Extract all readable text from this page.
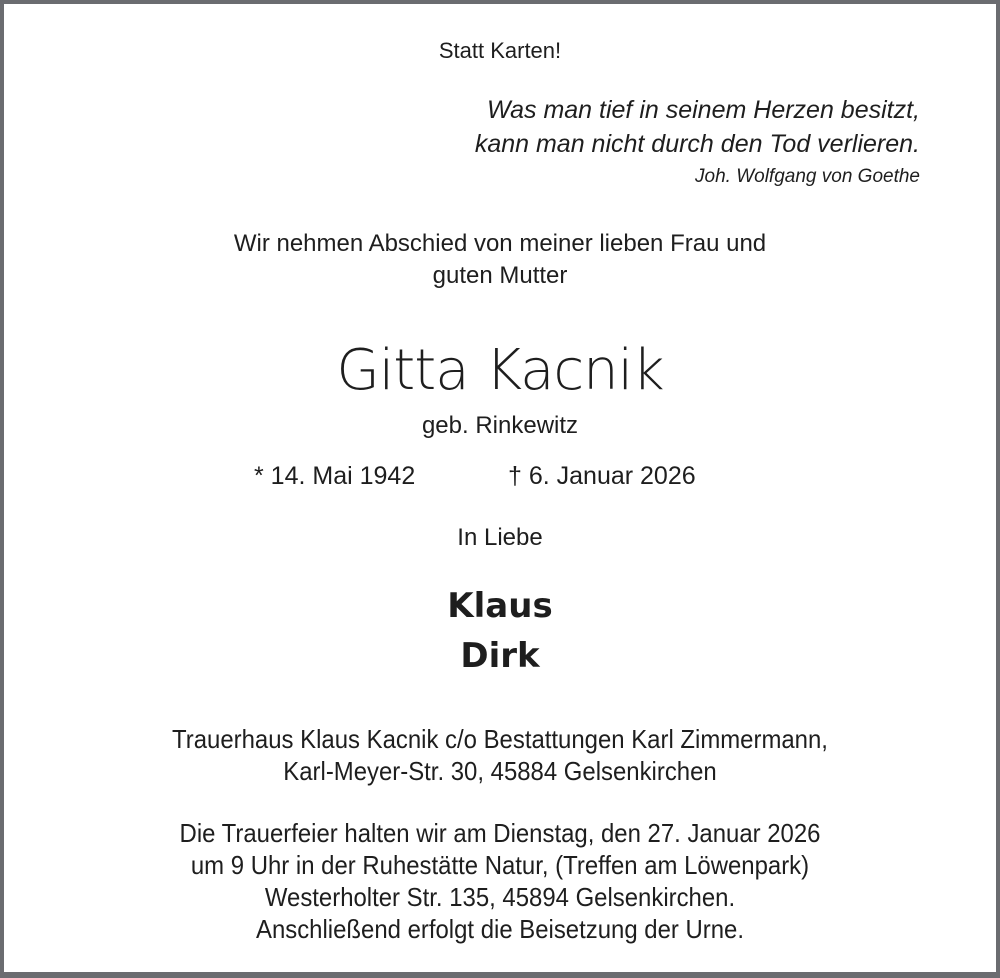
Statt Karten!
Was man tief in seinem Herzen besitzt,
kann man nicht durch den Tod verlieren.
Joh. Wolfgang von Goethe
Wir nehmen Abschied von meiner lieben Frau und
guten Mutter
Gitta Kacnik
geb. Rinkewitz
* 14. Mai 1942	† 6. Januar 2026
In Liebe
Klaus
Dirk
Trauerhaus Klaus Kacnik c/o Bestattungen Karl Zimmermann,
Karl-Meyer-Str. 30, 45884 Gelsenkirchen
Die Trauerfeier halten wir am Dienstag, den 27. Januar 2026
um 9 Uhr in der Ruhestätte Natur, (Treffen am Löwenpark)
Westerholter Str. 135, 45894 Gelsenkirchen.
Anschließend erfolgt die Beisetzung der Urne.
